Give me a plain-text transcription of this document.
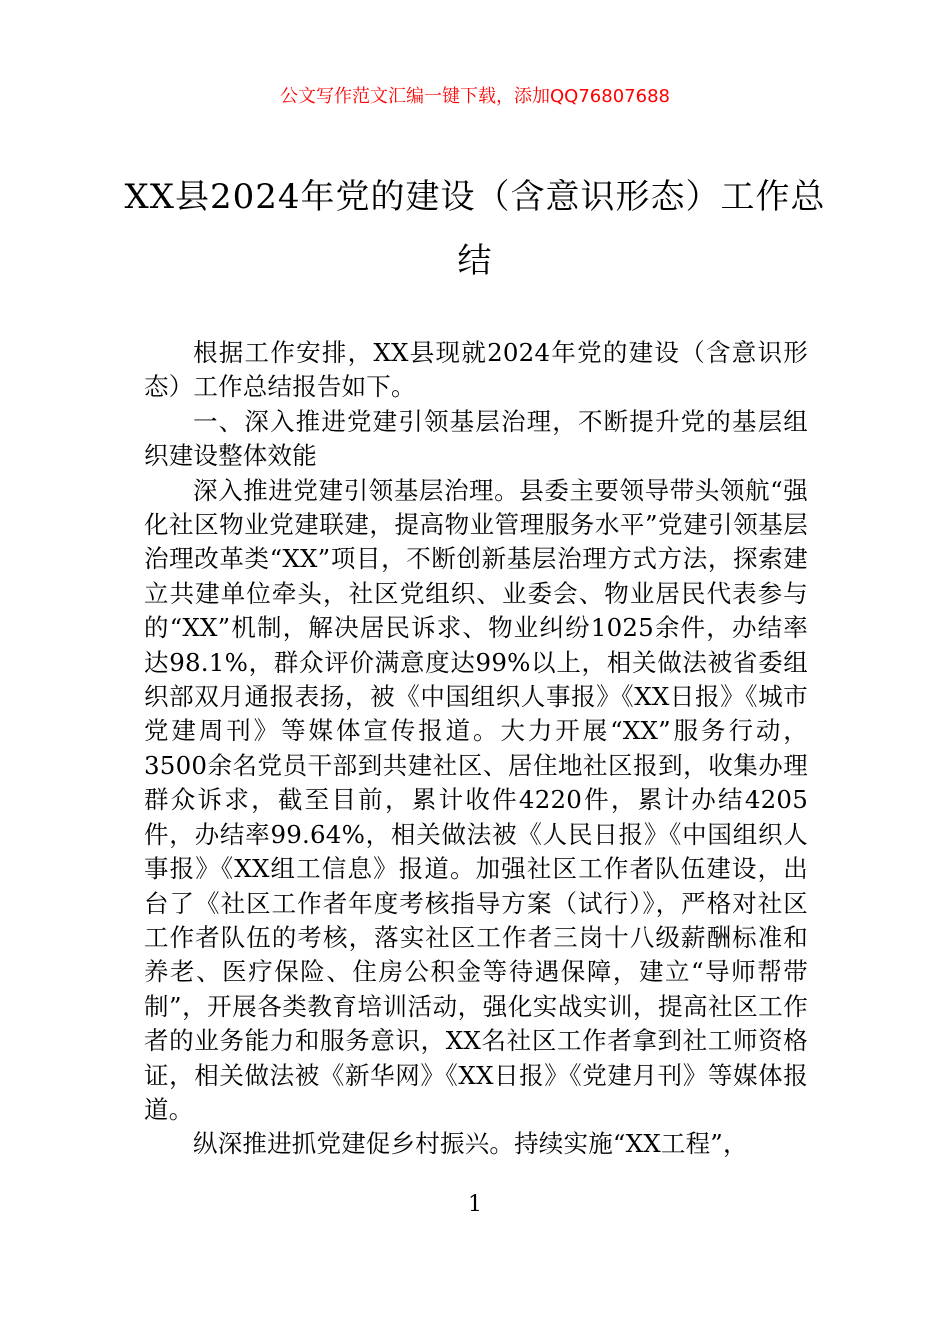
公文写作范文汇编一键下载，添加QQ76807688
XX县2024年党的建设（含意识形态）工作总结

根据工作安排，XX县现就2024年党的建设（含意识形态）工作总结报告如下。

一、深入推进党建引领基层治理，不断提升党的基层组织建设整体效能

深入推进党建引领基层治理。县委主要领导带头领航“强化社区物业党建联建，提高物业管理服务水平”党建引领基层治理改革类“XX”项目，不断创新基层治理方式方法，探索建立共建单位牵头，社区党组织、业委会、物业居民代表参与的“XX”机制，解决居民诉求、物业纠纷1025余件，办结率达98.1%，群众评价满意度达99%以上，相关做法被省委组织部双月通报表扬，被《中国组织人事报》《XX日报》《城市党建周刊》等媒体宣传报道。大力开展“XX”服务行动，3500余名党员干部到共建社区、居住地社区报到，收集办理群众诉求，截至目前，累计收件4220件，累计办结4205件，办结率99.64%，相关做法被《人民日报》《中国组织人事报》《XX组工信息》报道。加强社区工作者队伍建设，出台了《社区工作者年度考核指导方案（试行）》，严格对社区工作者队伍的考核，落实社区工作者三岗十八级薪酬标准和养老、医疗保险、住房公积金等待遇保障，建立“导师帮带制”，开展各类教育培训活动，强化实战实训，提高社区工作者的业务能力和服务意识，XX名社区工作者拿到社工师资格证，相关做法被《新华网》《XX日报》《党建月刊》等媒体报道。

纵深推进抓党建促乡村振兴。持续实施“XX工程”，

1
